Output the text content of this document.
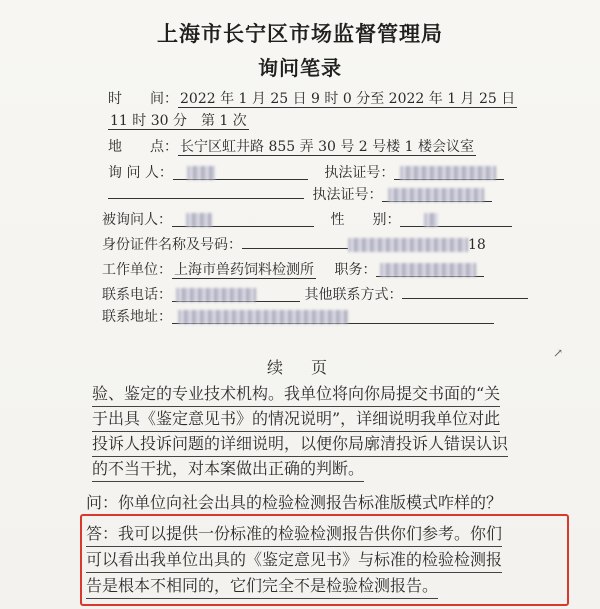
上海市长宁区市场监督管理局
询问笔录
时　　间： 2022 年 1 月 25 日 9 时 0 分至 2022 年 1 月 25 日
11 时 30 分　第 1 次
地　　点： 长宁区虹井路 855 弄 30 号 2 号楼 1 楼会议室
询 问 人：	执法证号：
执法证号：
被询问人：	性　　别：
身份证件名称及号码：	18
工作单位： 上海市兽药饲料检测所 职务：
联系电话：	其他联系方式：
联系地址：
续　页
↗
验、鉴定的专业技术机构。我单位将向你局提交书面的“关
于出具《鉴定意见书》的情况说明”，详细说明我单位对此
投诉人投诉问题的详细说明，以便你局廓清投诉人错误认识
的不当干扰，对本案做出正确的判断。
问：你单位向社会出具的检验检测报告标准版模式咋样的？
答：我可以提供一份标准的检验检测报告供你们参考。你们
可以看出我单位出具的《鉴定意见书》与标准的检验检测报
告是根本不相同的，它们完全不是检验检测报告。
